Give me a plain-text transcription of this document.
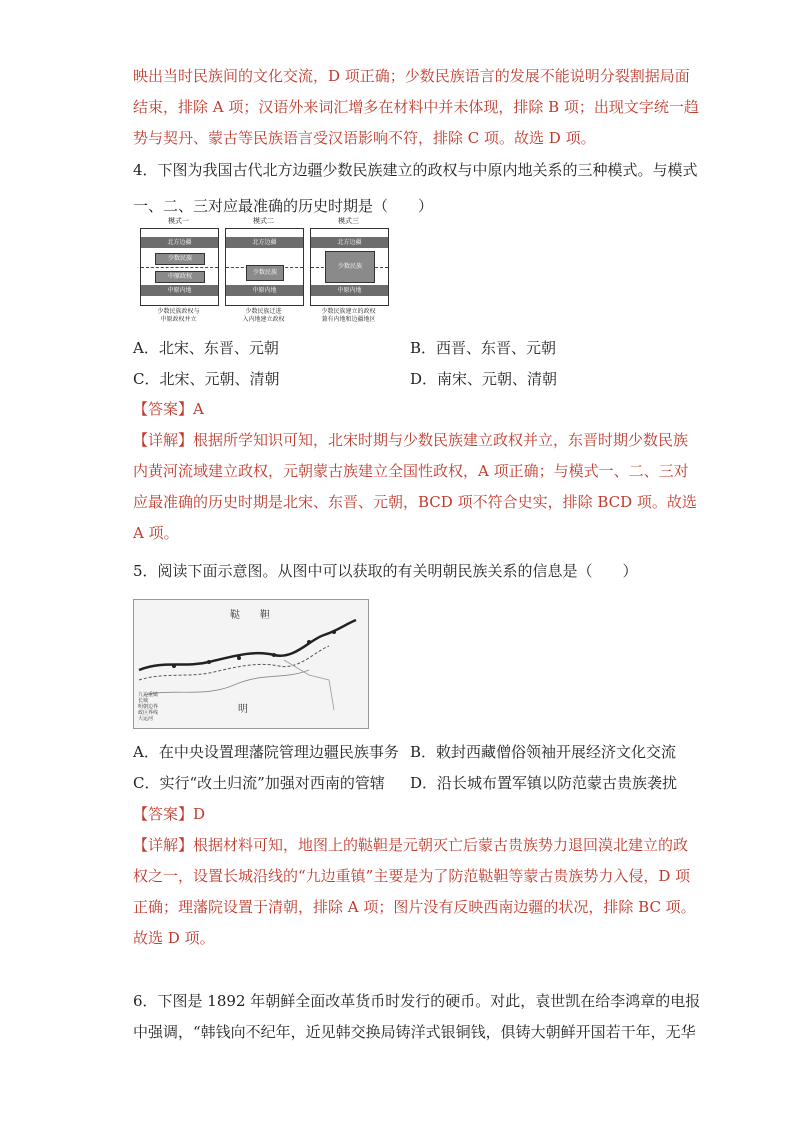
映出当时民族间的文化交流，D 项正确；少数民族语言的发展不能说明分裂割据局面
结束，排除 A 项；汉语外来词汇增多在材料中并未体现，排除 B 项；出现文字统一趋
势与契丹、蒙古等民族语言受汉语影响不符，排除 C 项。故选 D 项。
4．下图为我国古代北方边疆少数民族建立的政权与中原内地关系的三种模式。与模式
一、二、三对应最准确的历史时期是（　　）
模式一
北方边疆
少数民族
中原政权
中原内地
少数民族政权与
中原政权并立
模式二
北方边疆
少数民族
中原内地
少数民族迁进
入内地建立政权
模式三
北方边疆
少数民族
中原内地
少数民族建立的政权
兼有内地和边疆地区
A．北宋、东晋、元朝	B．西晋、东晋、元朝
C．北宋、元朝、清朝	D．南宋、元朝、清朝
【答案】A
【详解】根据所学知识可知，北宋时期与少数民族建立政权并立，东晋时期少数民族
内黄河流域建立政权，元朝蒙古族建立全国性政权，A 项正确；与模式一、二、三对
应最准确的历史时期是北宋、东晋、元朝，BCD 项不符合史实，排除 BCD 项。故选
A 项。
5．阅读下面示意图。从图中可以获取的有关明朝民族关系的信息是（　　）
鞑　　靼
明
九边重镇
长城
明朝边界
政区界线
大运河
A．在中央设置理藩院管理边疆民族事务 B．敕封西藏僧俗领袖开展经济文化交流
C．实行“改土归流”加强对西南的管辖 D．沿长城布置军镇以防范蒙古贵族袭扰
【答案】D
【详解】根据材料可知，地图上的鞑靼是元朝灭亡后蒙古贵族势力退回漠北建立的政
权之一，设置长城沿线的“九边重镇”主要是为了防范鞑靼等蒙古贵族势力入侵，D 项
正确；理藩院设置于清朝，排除 A 项；图片没有反映西南边疆的状况，排除 BC 项。
故选 D 项。
6．下图是 1892 年朝鲜全面改革货币时发行的硬币。对此，袁世凯在给李鸿章的电报
中强调，“韩钱向不纪年，近见韩交换局铸洋式银铜钱，俱铸大朝鲜开国若干年，无华
